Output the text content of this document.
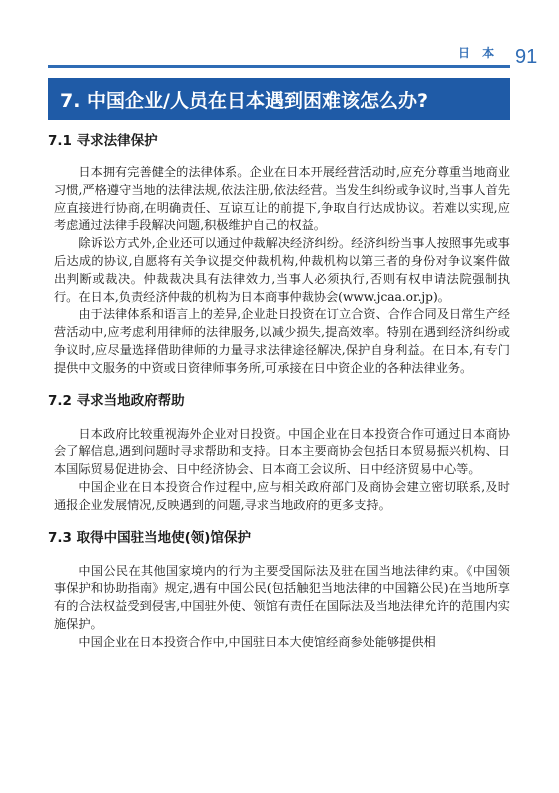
日 本 91
7. 中国企业/人员在日本遇到困难该怎么办?
7.1 寻求法律保护

日本拥有完善健全的法律体系。企业在日本开展经营活动时,应充分尊重当地商业习惯,严格遵守当地的法律法规,依法注册,依法经营。当发生纠纷或争议时,当事人首先应直接进行协商,在明确责任、互谅互让的前提下,争取自行达成协议。若难以实现,应考虑通过法律手段解决问题,积极维护自己的权益。

除诉讼方式外,企业还可以通过仲裁解决经济纠纷。经济纠纷当事人按照事先或事后达成的协议,自愿将有关争议提交仲裁机构,仲裁机构以第三者的身份对争议案件做出判断或裁决。仲裁裁决具有法律效力,当事人必须执行,否则有权申请法院强制执行。在日本,负责经济仲裁的机构为日本商事仲裁协会(www.jcaa.or.jp)。

由于法律体系和语言上的差异,企业赴日投资在订立合资、合作合同及日常生产经营活动中,应考虑利用律师的法律服务,以减少损失,提高效率。特别在遇到经济纠纷或争议时,应尽量选择借助律师的力量寻求法律途径解决,保护自身利益。在日本,有专门提供中文服务的中资或日资律师事务所,可承接在日中资企业的各种法律业务。

7.2 寻求当地政府帮助

日本政府比较重视海外企业对日投资。中国企业在日本投资合作可通过日本商协会了解信息,遇到问题时寻求帮助和支持。日本主要商协会包括日本贸易振兴机构、日本国际贸易促进协会、日中经济协会、日本商工会议所、日中经济贸易中心等。

中国企业在日本投资合作过程中,应与相关政府部门及商协会建立密切联系,及时通报企业发展情况,反映遇到的问题,寻求当地政府的更多支持。

7.3 取得中国驻当地使(领)馆保护

中国公民在其他国家境内的行为主要受国际法及驻在国当地法律约束。《中国领事保护和协助指南》规定,遇有中国公民(包括触犯当地法律的中国籍公民)在当地所享有的合法权益受到侵害,中国驻外使、领馆有责任在国际法及当地法律允许的范围内实施保护。

中国企业在日本投资合作中,中国驻日本大使馆经商参处能够提供相
